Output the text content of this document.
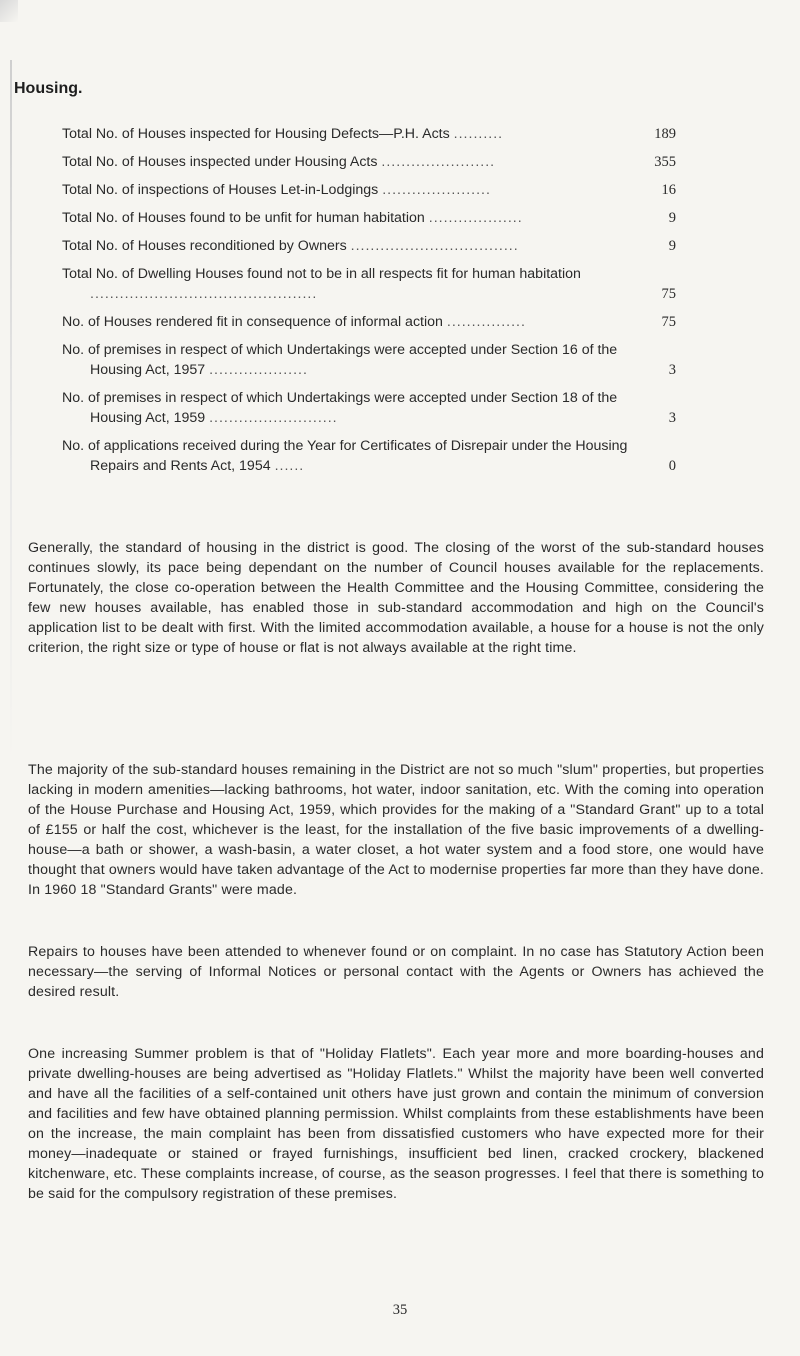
Housing.
Total No. of Houses inspected for Housing Defects—P.H. Acts ..........	189
Total No. of Houses inspected under Housing Acts .......................	355
Total No. of inspections of Houses Let-in-Lodgings ......................	16
Total No. of Houses found to be unfit for human habitation ...................	9
Total No. of Houses reconditioned by Owners ..................................	9
Total No. of Dwelling Houses found not to be in all respects fit for human habitation ..............................................	75
No. of Houses rendered fit in consequence of informal action ................	75
No. of premises in respect of which Undertakings were accepted under Section 16 of the Housing Act, 1957 ....................	3
No. of premises in respect of which Undertakings were accepted under Section 18 of the Housing Act, 1959 ..........................	3
No. of applications received during the Year for Certificates of Disrepair under the Housing Repairs and Rents Act, 1954 ......	0

Generally, the standard of housing in the district is good. The closing of the worst of the sub-standard houses continues slowly, its pace being dependant on the number of Council houses available for the replacements. Fortunately, the close co-operation between the Health Committee and the Housing Committee, considering the few new houses available, has enabled those in sub-standard accommodation and high on the Council's application list to be dealt with first. With the limited accommodation available, a house for a house is not the only criterion, the right size or type of house or flat is not always available at the right time.

The majority of the sub-standard houses remaining in the District are not so much "slum" properties, but properties lacking in modern amenities—lacking bathrooms, hot water, indoor sanitation, etc. With the coming into operation of the House Purchase and Housing Act, 1959, which provides for the making of a "Standard Grant" up to a total of £155 or half the cost, whichever is the least, for the installation of the five basic improvements of a dwelling-house—a bath or shower, a wash-basin, a water closet, a hot water system and a food store, one would have thought that owners would have taken advantage of the Act to modernise properties far more than they have done. In 1960 18 "Standard Grants" were made.

Repairs to houses have been attended to whenever found or on complaint. In no case has Statutory Action been necessary—the serving of Informal Notices or personal contact with the Agents or Owners has achieved the desired result.

One increasing Summer problem is that of "Holiday Flatlets". Each year more and more boarding-houses and private dwelling-houses are being advertised as "Holiday Flatlets." Whilst the majority have been well converted and have all the facilities of a self-contained unit others have just grown and contain the minimum of conversion and facilities and few have obtained planning permission. Whilst complaints from these establishments have been on the increase, the main complaint has been from dissatisfied customers who have expected more for their money—inadequate or stained or frayed furnishings, insufficient bed linen, cracked crockery, blackened kitchenware, etc. These complaints increase, of course, as the season progresses. I feel that there is something to be said for the compulsory registration of these premises.

35
